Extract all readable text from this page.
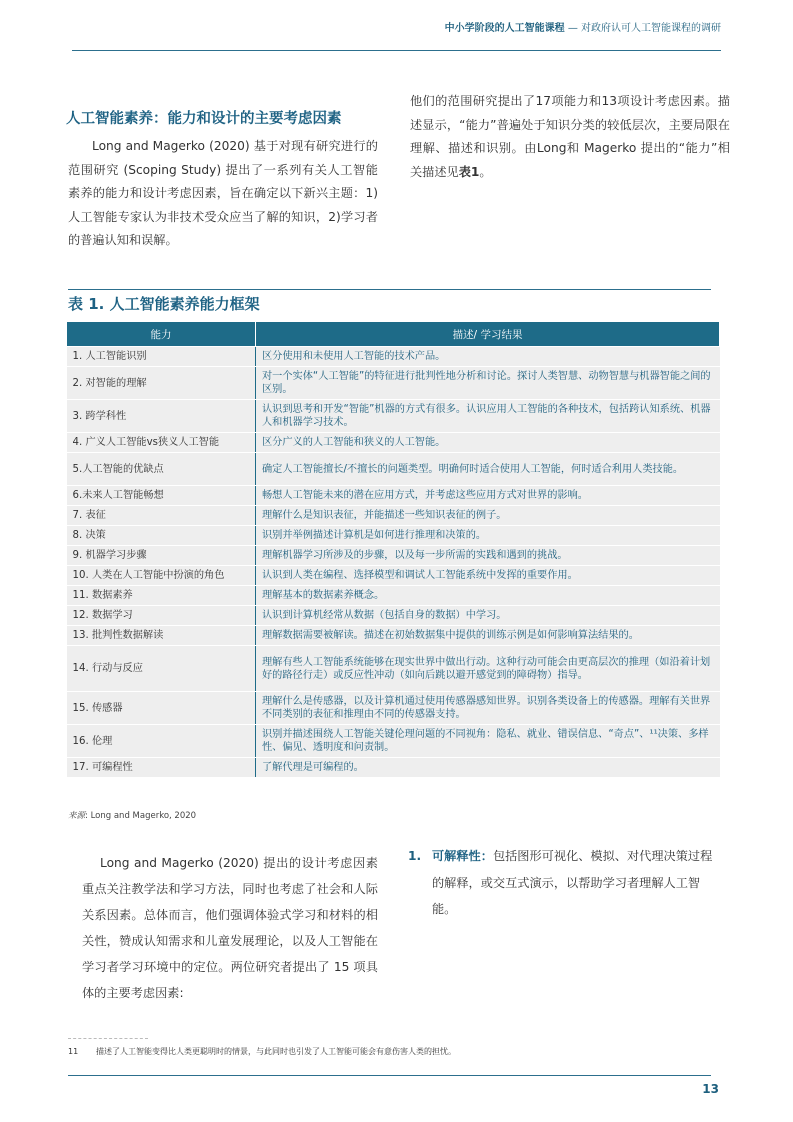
中小学阶段的人工智能课程 — 对政府认可人工智能课程的调研
人工智能素养：能力和设计的主要考虑因素
Long and Magerko (2020) 基于对现有研究进行的范围研究 (Scoping Study) 提出了一系列有关人工智能素养的能力和设计考虑因素，旨在确定以下新兴主题：1)人工智能专家认为非技术受众应当了解的知识，2)学习者的普遍认知和误解。
他们的范围研究提出了17项能力和13项设计考虑因素。描述显示，“能力”普遍处于知识分类的较低层次，主要局限在理解、描述和识别。由Long和 Magerko 提出的“能力”相关描述见表1。
表 1. 人工智能素养能力框架
能力	描述/ 学习结果
1. 人工智能识别	区分使用和未使用人工智能的技术产品。
2. 对智能的理解	对一个实体“人工智能”的特征进行批判性地分析和讨论。探讨人类智慧、动物智慧与机器智能之间的区别。
3. 跨学科性	认识到思考和开发“智能”机器的方式有很多。认识应用人工智能的各种技术，包括跨认知系统、机器人和机器学习技术。
4. 广义人工智能vs狭义人工智能	区分广义的人工智能和狭义的人工智能。
5.人工智能的优缺点	确定人工智能擅长/不擅长的问题类型。明确何时适合使用人工智能，何时适合利用人类技能。
6.未来人工智能畅想	畅想人工智能未来的潜在应用方式，并考虑这些应用方式对世界的影响。
7. 表征	理解什么是知识表征，并能描述一些知识表征的例子。
8. 决策	识别并举例描述计算机是如何进行推理和决策的。
9. 机器学习步骤	理解机器学习所涉及的步骤，以及每一步所需的实践和遇到的挑战。
10. 人类在人工智能中扮演的角色	认识到人类在编程、选择模型和调试人工智能系统中发挥的重要作用。
11. 数据素养	理解基本的数据素养概念。
12. 数据学习	认识到计算机经常从数据（包括自身的数据）中学习。
13. 批判性数据解读	理解数据需要被解读。描述在初始数据集中提供的训练示例是如何影响算法结果的。
14. 行动与反应	理解有些人工智能系统能够在现实世界中做出行动。这种行动可能会由更高层次的推理（如沿着计划好的路径行走）或反应性冲动（如向后跳以避开感觉到的障碍物）指导。
15. 传感器	理解什么是传感器，以及计算机通过使用传感器感知世界。识别各类设备上的传感器。理解有关世界不同类别的表征和推理由不同的传感器支持。
16. 伦理	识别并描述围绕人工智能关键伦理问题的不同视角：隐私、就业、错误信息、“奇点”、¹¹决策、多样性、偏见、透明度和问责制。
17. 可编程性	了解代理是可编程的。
来源: Long and Magerko, 2020
Long and Magerko (2020) 提出的设计考虑因素重点关注教学法和学习方法，同时也考虑了社会和人际关系因素。总体而言，他们强调体验式学习和材料的相关性，赞成认知需求和儿童发展理论，以及人工智能在学习者学习环境中的定位。两位研究者提出了 15 项具体的主要考虑因素:
1. 可解释性：包括图形可视化、模拟、对代理决策过程的解释，或交互式演示，以帮助学习者理解人工智能。
11 描述了人工智能变得比人类更聪明时的情景，与此同时也引发了人工智能可能会有意伤害人类的担忧。
13
